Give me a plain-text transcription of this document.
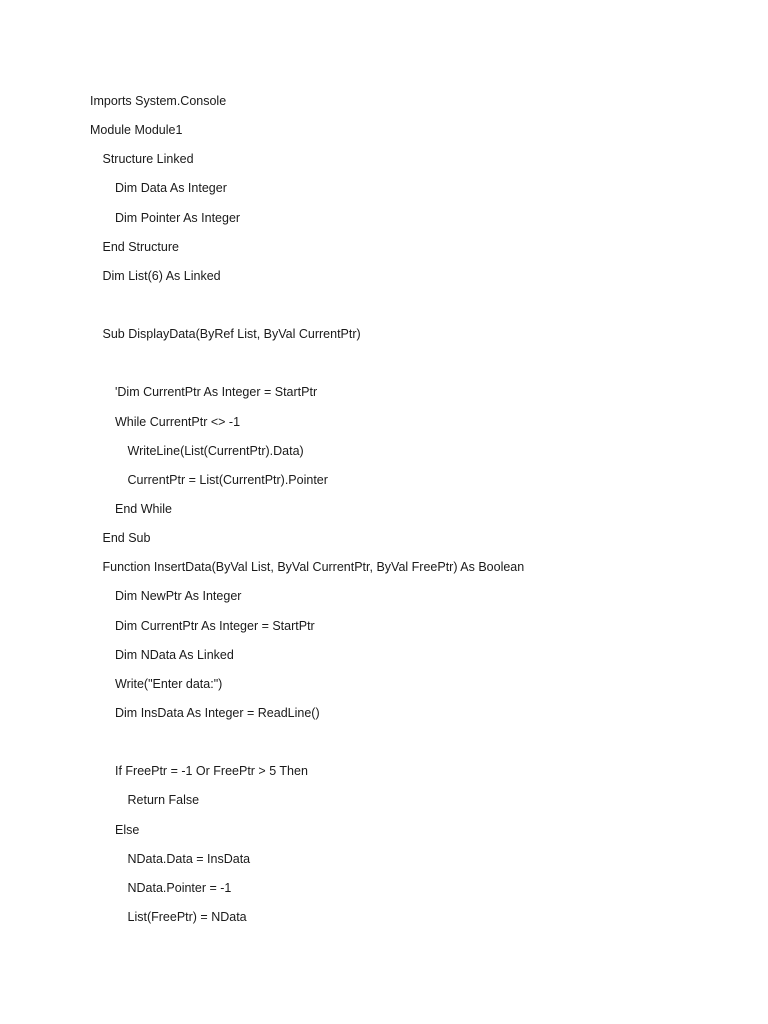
Imports System.Console
Module Module1
Structure Linked
Dim Data As Integer
Dim Pointer As Integer
End Structure
Dim List(6) As Linked
Sub DisplayData(ByRef List, ByVal CurrentPtr)
'Dim CurrentPtr As Integer = StartPtr
While CurrentPtr <> -1
WriteLine(List(CurrentPtr).Data)
CurrentPtr = List(CurrentPtr).Pointer
End While
End Sub
Function InsertData(ByVal List, ByVal CurrentPtr, ByVal FreePtr) As Boolean
Dim NewPtr As Integer
Dim CurrentPtr As Integer = StartPtr
Dim NData As Linked
Write("Enter data:")
Dim InsData As Integer = ReadLine()
If FreePtr = -1 Or FreePtr > 5 Then
Return False
Else
NData.Data = InsData
NData.Pointer = -1
List(FreePtr) = NData
